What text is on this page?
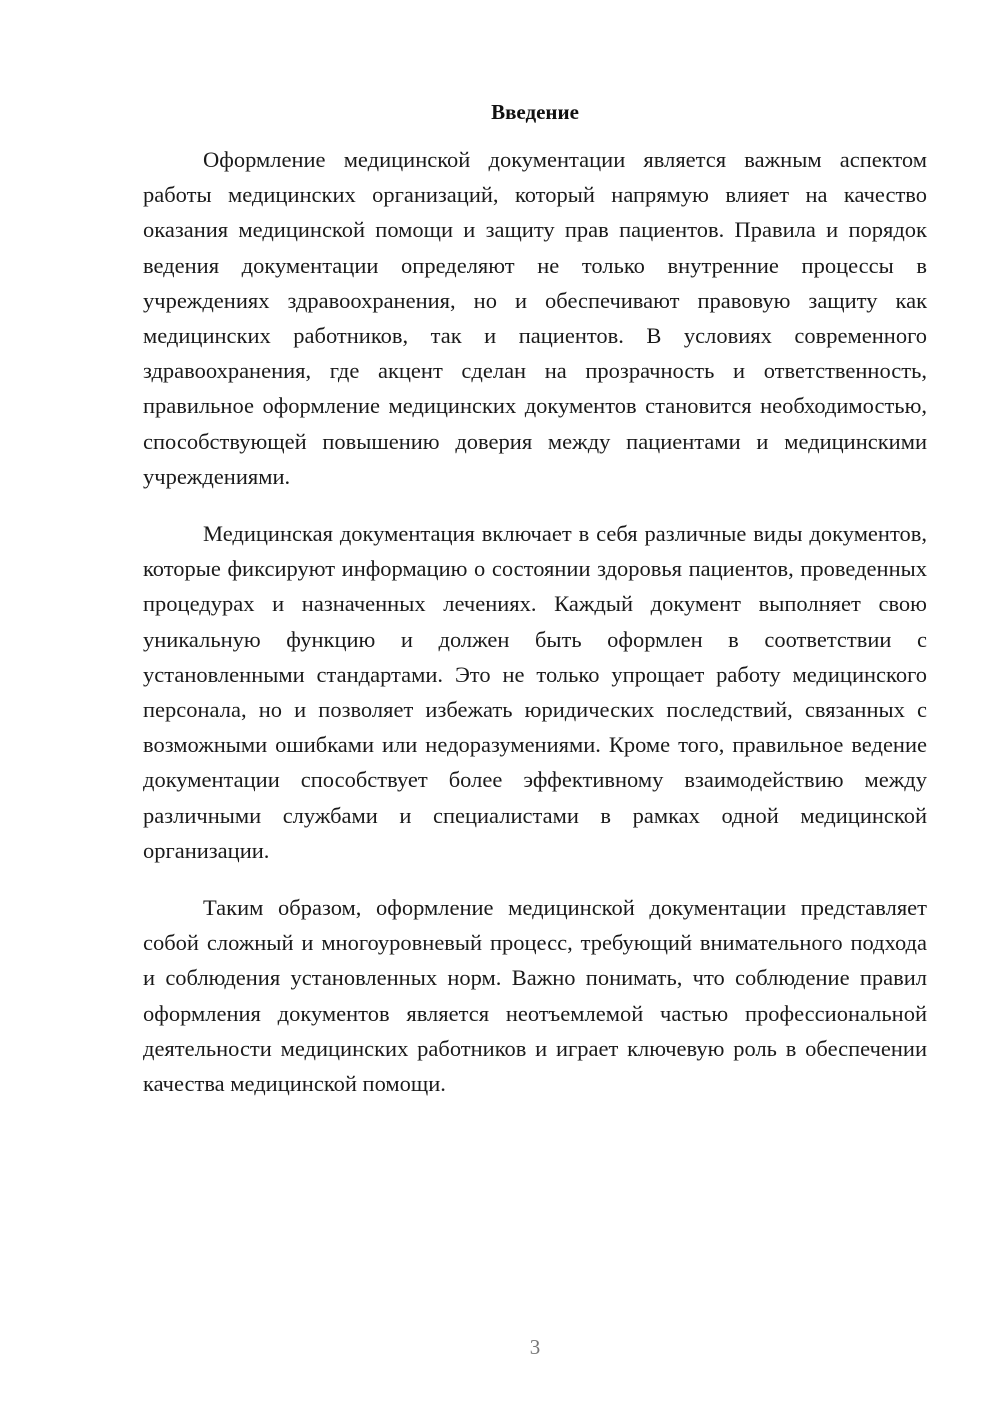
Введение

Оформление медицинской документации является важным аспектом работы медицинских организаций, который напрямую влияет на качество оказания медицинской помощи и защиту прав пациентов. Правила и порядок ведения документации определяют не только внутренние процессы в учреждениях здравоохранения, но и обеспечивают правовую защиту как медицинских работников, так и пациентов. В условиях современного здравоохранения, где акцент сделан на прозрачность и ответственность, правильное оформление медицинских документов становится необходимостью, способствующей повышению доверия между пациентами и медицинскими учреждениями.

Медицинская документация включает в себя различные виды документов, которые фиксируют информацию о состоянии здоровья пациентов, проведенных процедурах и назначенных лечениях. Каждый документ выполняет свою уникальную функцию и должен быть оформлен в соответствии с установленными стандартами. Это не только упрощает работу медицинского персонала, но и позволяет избежать юридических последствий, связанных с возможными ошибками или недоразумениями. Кроме того, правильное ведение документации способствует более эффективному взаимодействию между различными службами и специалистами в рамках одной медицинской организации.

Таким образом, оформление медицинской документации представляет собой сложный и многоуровневый процесс, требующий внимательного подхода и соблюдения установленных норм. Важно понимать, что соблюдение правил оформления документов является неотъемлемой частью профессиональной деятельности медицинских работников и играет ключевую роль в обеспечении качества медицинской помощи.

3
